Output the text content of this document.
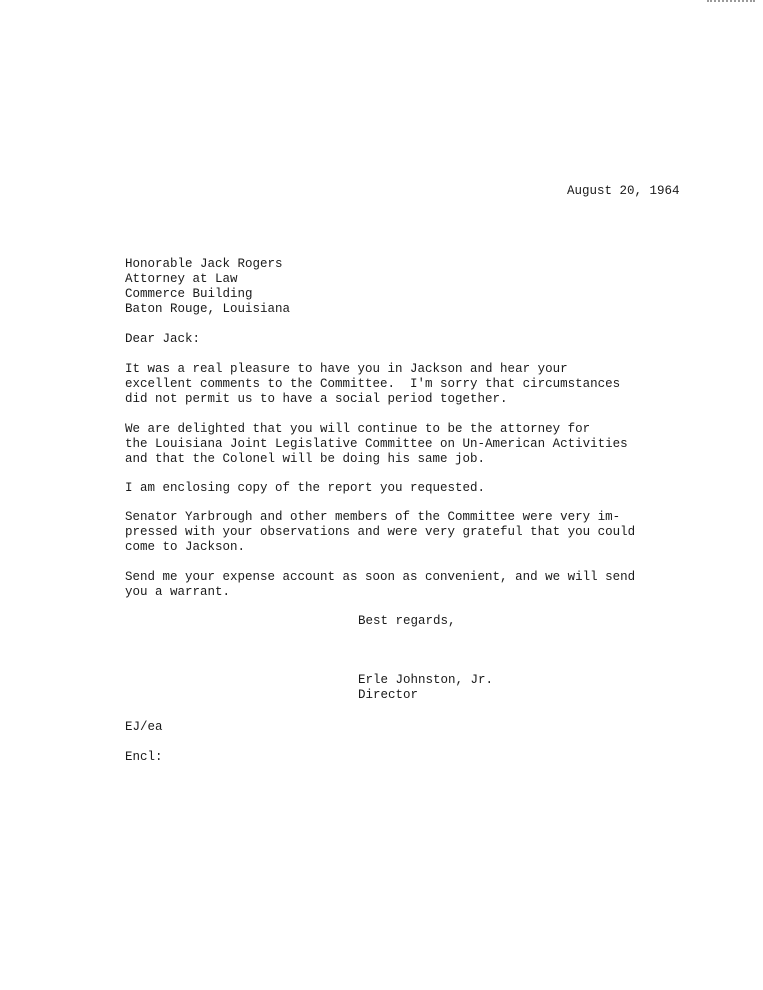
August 20, 1964
Honorable Jack Rogers
Attorney at Law
Commerce Building
Baton Rouge, Louisiana
Dear Jack:
It was a real pleasure to have you in Jackson and hear your
excellent comments to the Committee.  I'm sorry that circumstances
did not permit us to have a social period together.
We are delighted that you will continue to be the attorney for
the Louisiana Joint Legislative Committee on Un-American Activities
and that the Colonel will be doing his same job.
I am enclosing copy of the report you requested.
Senator Yarbrough and other members of the Committee were very im-
pressed with your observations and were very grateful that you could
come to Jackson.
Send me your expense account as soon as convenient, and we will send
you a warrant.
Best regards,
Erle Johnston, Jr.
Director
EJ/ea
Encl:
